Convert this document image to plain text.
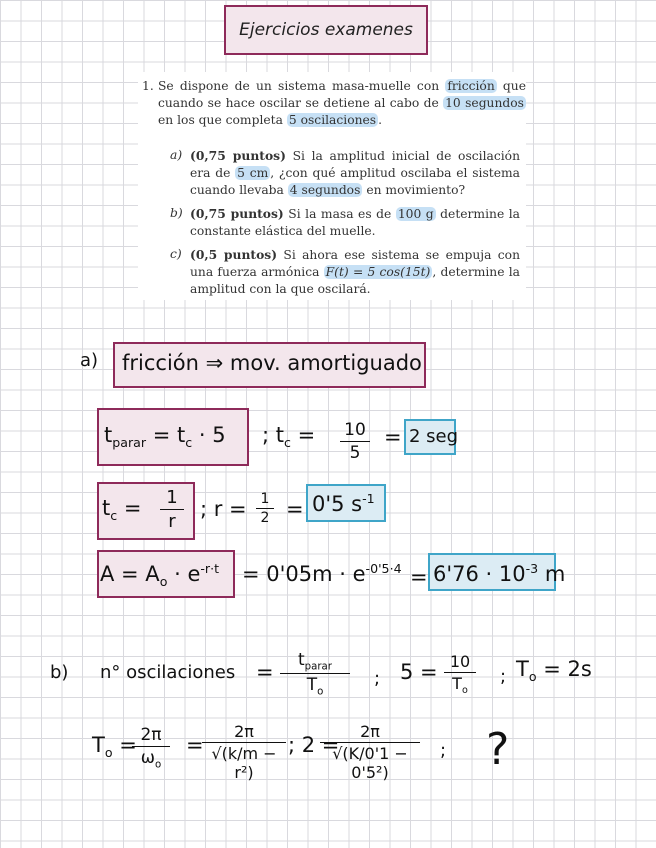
Ejercicios examenes
1. Se dispone de un sistema masa-muelle con fricción que cuando se hace oscilar se detiene al cabo de 10 segundos en los que completa 5 oscilaciones .
a) (0,75 puntos) Si la amplitud inicial de oscilación era de 5 cm , ¿con qué amplitud oscilaba el sistema cuando llevaba 4 segundos en movimiento?
b) (0,75 puntos) Si la masa es de 100 g determine la constante elástica del muelle.
c) (0,5 puntos) Si ahora ese sistema se empuja con una fuerza armónica F(t) = 5 cos(15t) , determine la amplitud con la que oscilará.
a) fricción ⇒ mov. amortiguado
$t_{parar} = t_c \cdot 5$ ; $t_c = 10$
5
= 2 seg
$t_c$ =	1
r
; r = 1
2 = 0'5 $s^{-1}$
$A = A_o \cdot e^{-r\cdot t} = 0'05m \cdot e^{-0'5\cdot 4} = 6'76 \cdot 10^{-3}$ m
b) n° oscilaciones =	$t_{parar}$
$T_o$
; 5 = 10
$T_o$
; $T_o = 2s$
$T_o = 2\pi$
$\omega_o$
=
2π
√(k/m − r²)
; 2 =
2π
√(K/0'1 − 0'5²)
; ?
